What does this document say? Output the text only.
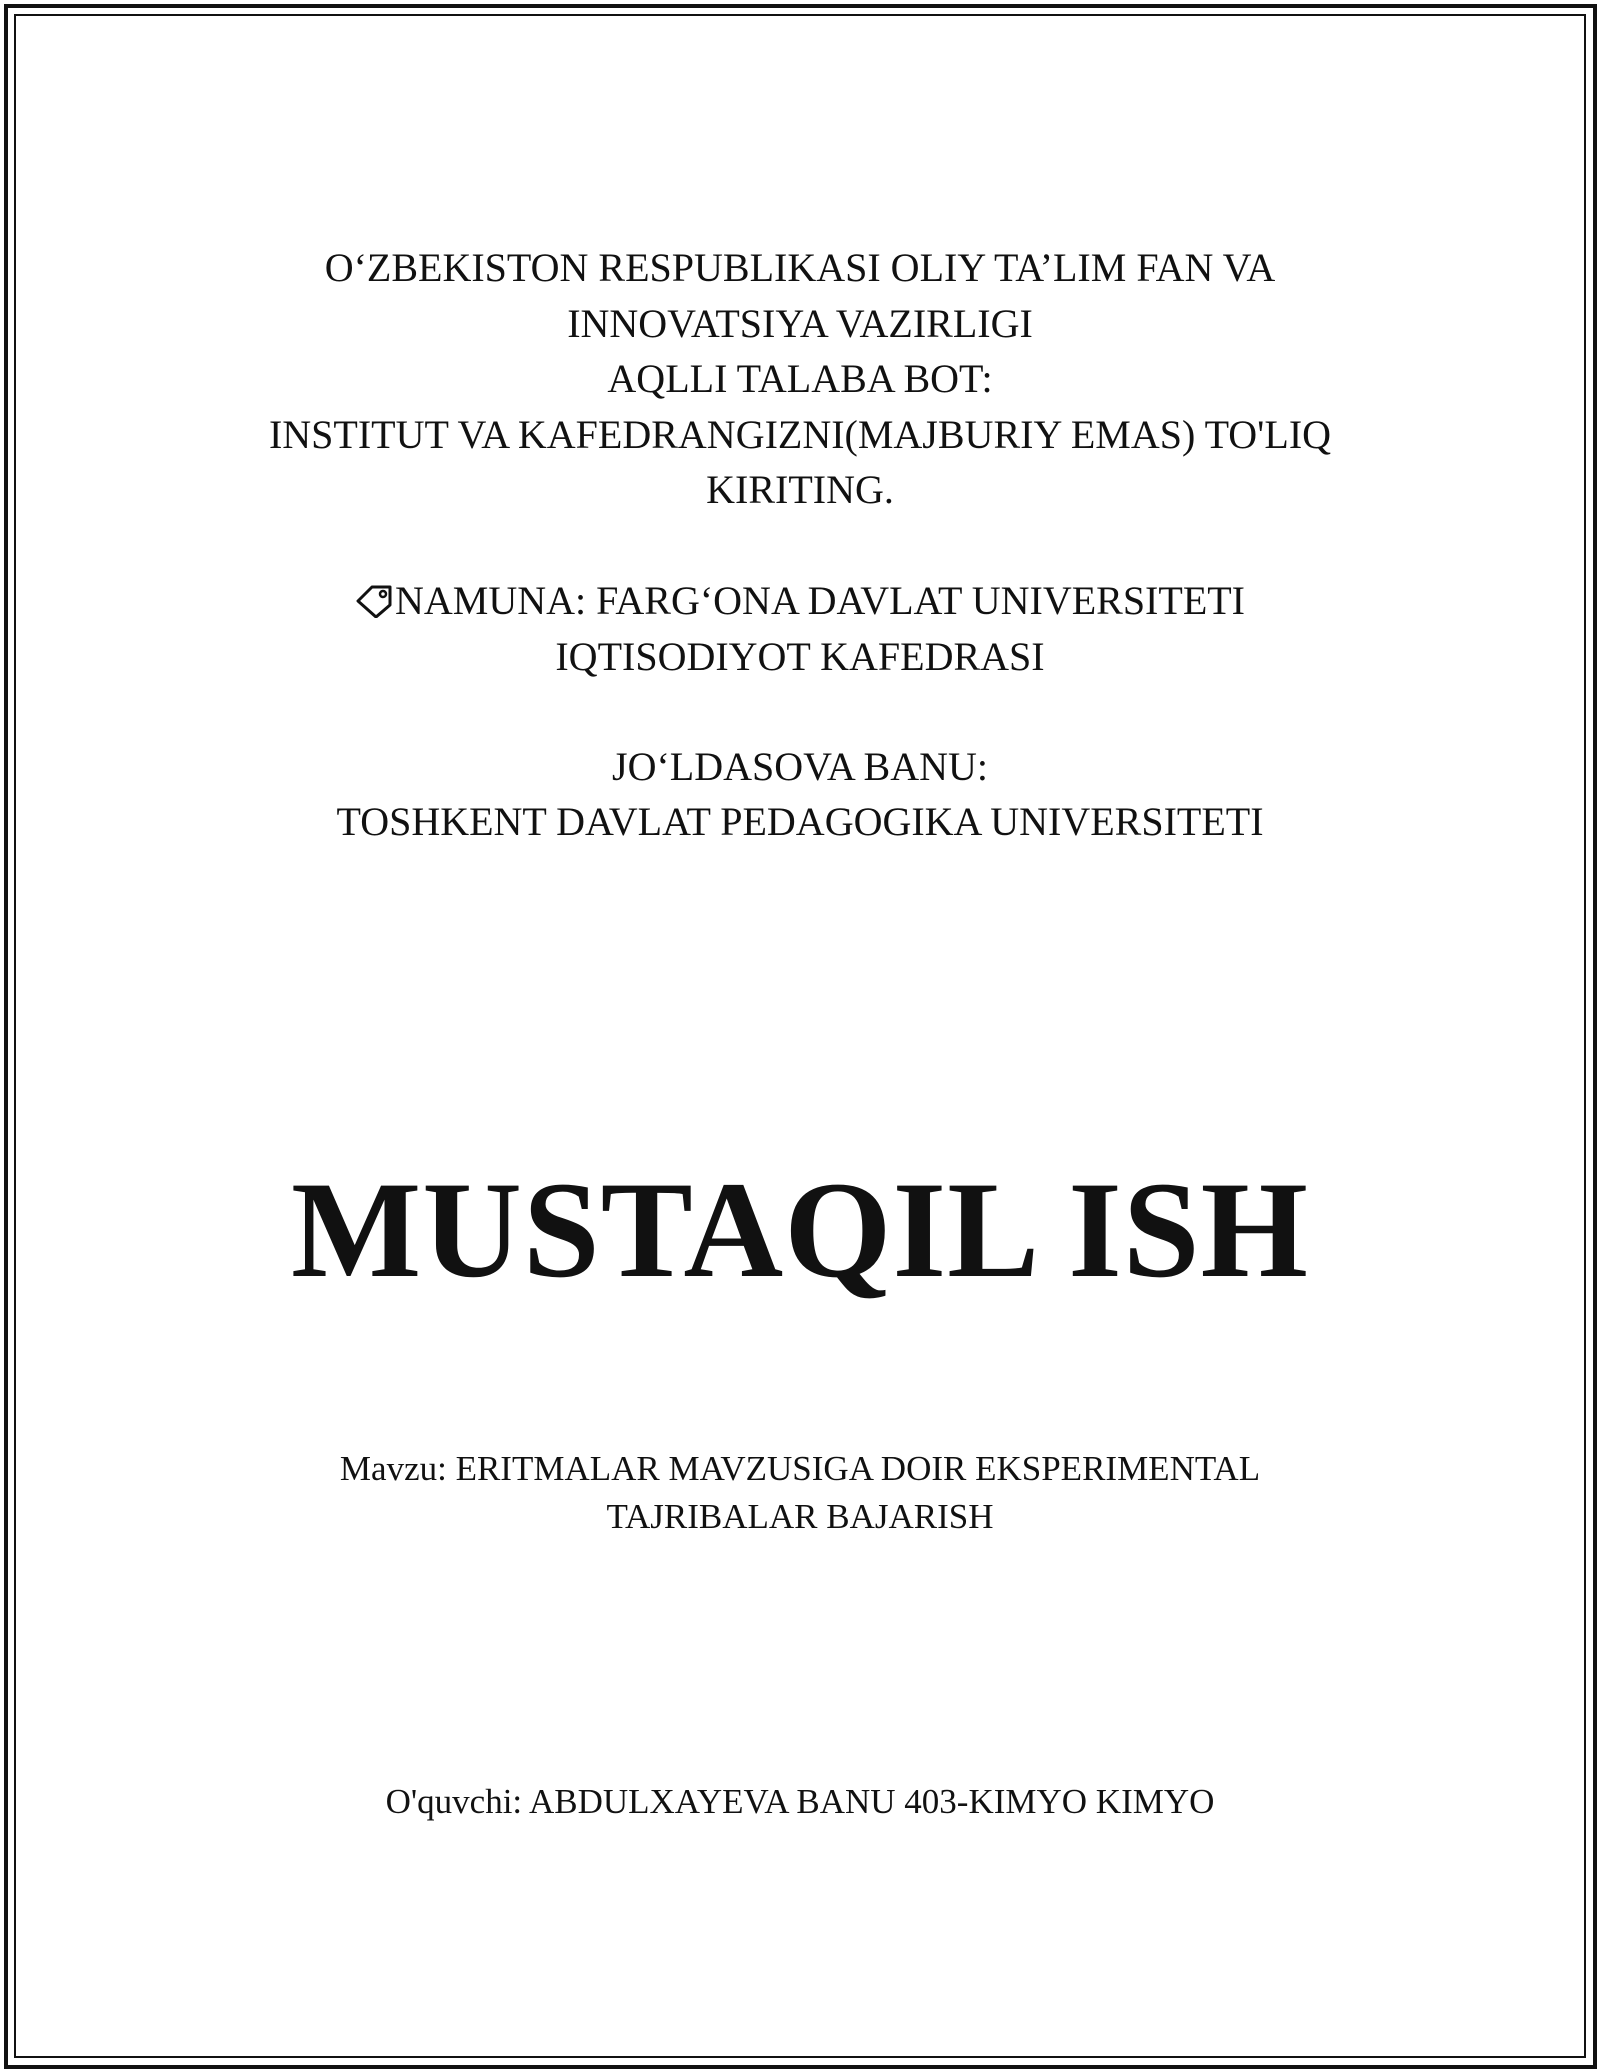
O‘ZBEKISTON RESPUBLIKASI OLIY TA’LIM FAN VA
INNOVATSIYA VAZIRLIGI
AQLLI TALABA BOT:
INSTITUT VA KAFEDRANGIZNI(MAJBURIY EMAS) TO'LIQ
KIRITING.
NAMUNA: FARG‘ONA DAVLAT UNIVERSITETI
IQTISODIYOT KAFEDRASI
JO‘LDASOVA BANU:
TOSHKENT DAVLAT PEDAGOGIKA UNIVERSITETI
MUSTAQIL ISH
Mavzu: ERITMALAR MAVZUSIGA DOIR EKSPERIMENTAL
TAJRIBALAR BAJARISH
O'quvchi: ABDULXAYEVA BANU 403-KIMYO KIMYO
